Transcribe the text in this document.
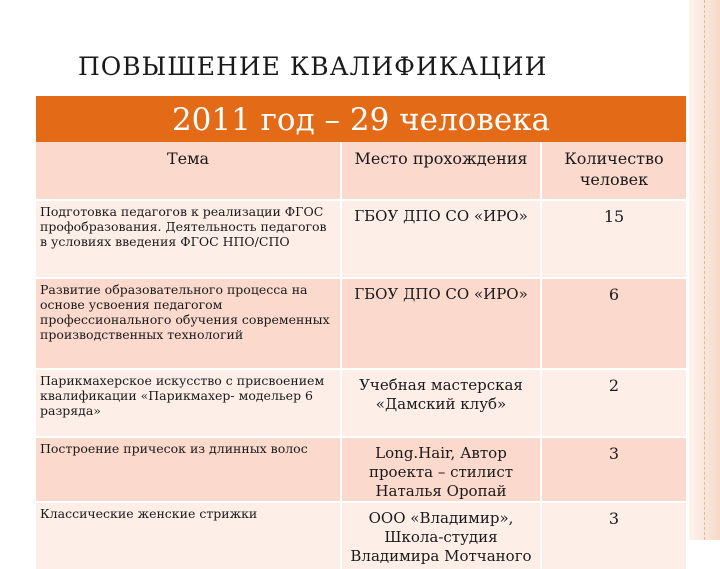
ПОВЫШЕНИЕ КВАЛИФИКАЦИИ
2011 год – 29 человека
Тема	Место прохождения	Количество человек
Подготовка педагогов к реализации ФГОС профобразования. Деятельность педагогов в условиях введения ФГОС НПО/СПО	ГБОУ ДПО СО «ИРО»	15
Развитие образовательного процесса на основе усвоения педагогом профессионального обучения современных производственных технологий	ГБОУ ДПО СО «ИРО»	6
Парикмахерское искусство с присвоением квалификации «Парикмахер- модельер 6 разряда»	Учебная мастерская «Дамский клуб»	2
Построение причесок из длинных волос	Long.Hair, Автор проекта – стилист Наталья Оропай	3
Классические женские стрижки	ООО «Владимир», Школа-студия Владимира Мотчаного	3
